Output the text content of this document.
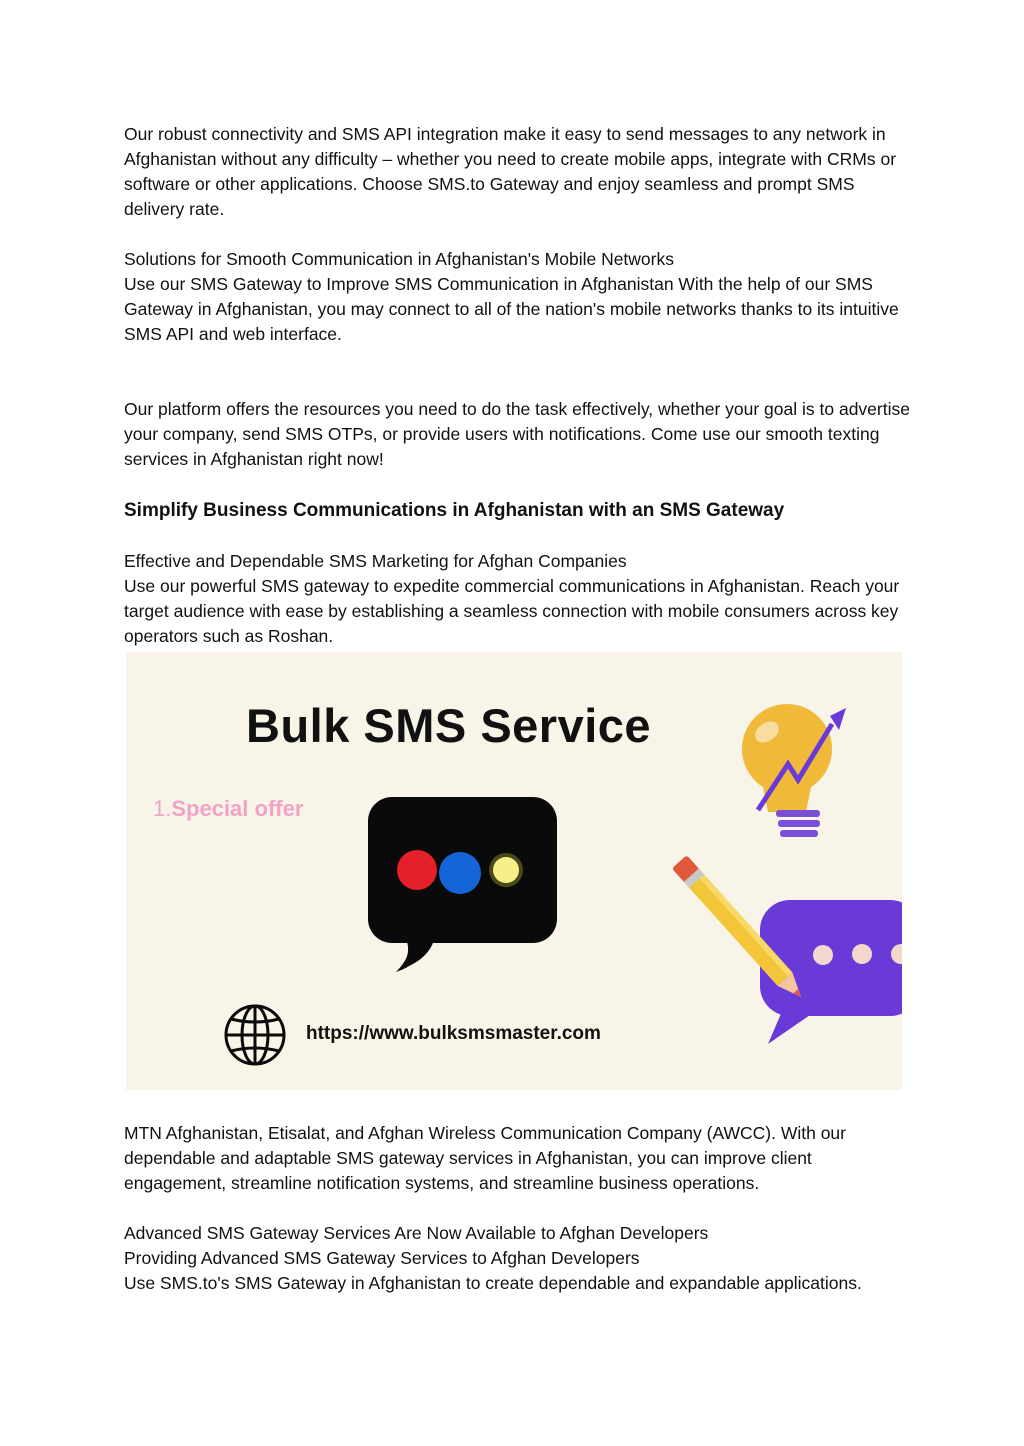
Our robust connectivity and SMS API integration make it easy to send messages to any network in Afghanistan without any difficulty – whether you need to create mobile apps, integrate with CRMs or software or other applications. Choose SMS.to Gateway and enjoy seamless and prompt SMS delivery rate.

Solutions for Smooth Communication in Afghanistan's Mobile Networks

Use our SMS Gateway to Improve SMS Communication in Afghanistan With the help of our SMS Gateway in Afghanistan, you may connect to all of the nation's mobile networks thanks to its intuitive SMS API and web interface.

Our platform offers the resources you need to do the task effectively, whether your goal is to advertise your company, send SMS OTPs, or provide users with notifications. Come use our smooth texting services in Afghanistan right now!

Simplify Business Communications in Afghanistan with an SMS Gateway

Effective and Dependable SMS Marketing for Afghan Companies

Use our powerful SMS gateway to expedite commercial communications in Afghanistan. Reach your target audience with ease by establishing a seamless connection with mobile consumers across key operators such as Roshan.

Bulk SMS Service
1.Special offer
https://www.bulksmsmaster.com

MTN Afghanistan, Etisalat, and Afghan Wireless Communication Company (AWCC). With our dependable and adaptable SMS gateway services in Afghanistan, you can improve client engagement, streamline notification systems, and streamline business operations.

Advanced SMS Gateway Services Are Now Available to Afghan Developers

Providing Advanced SMS Gateway Services to Afghan Developers

Use SMS.to's SMS Gateway in Afghanistan to create dependable and expandable applications.
